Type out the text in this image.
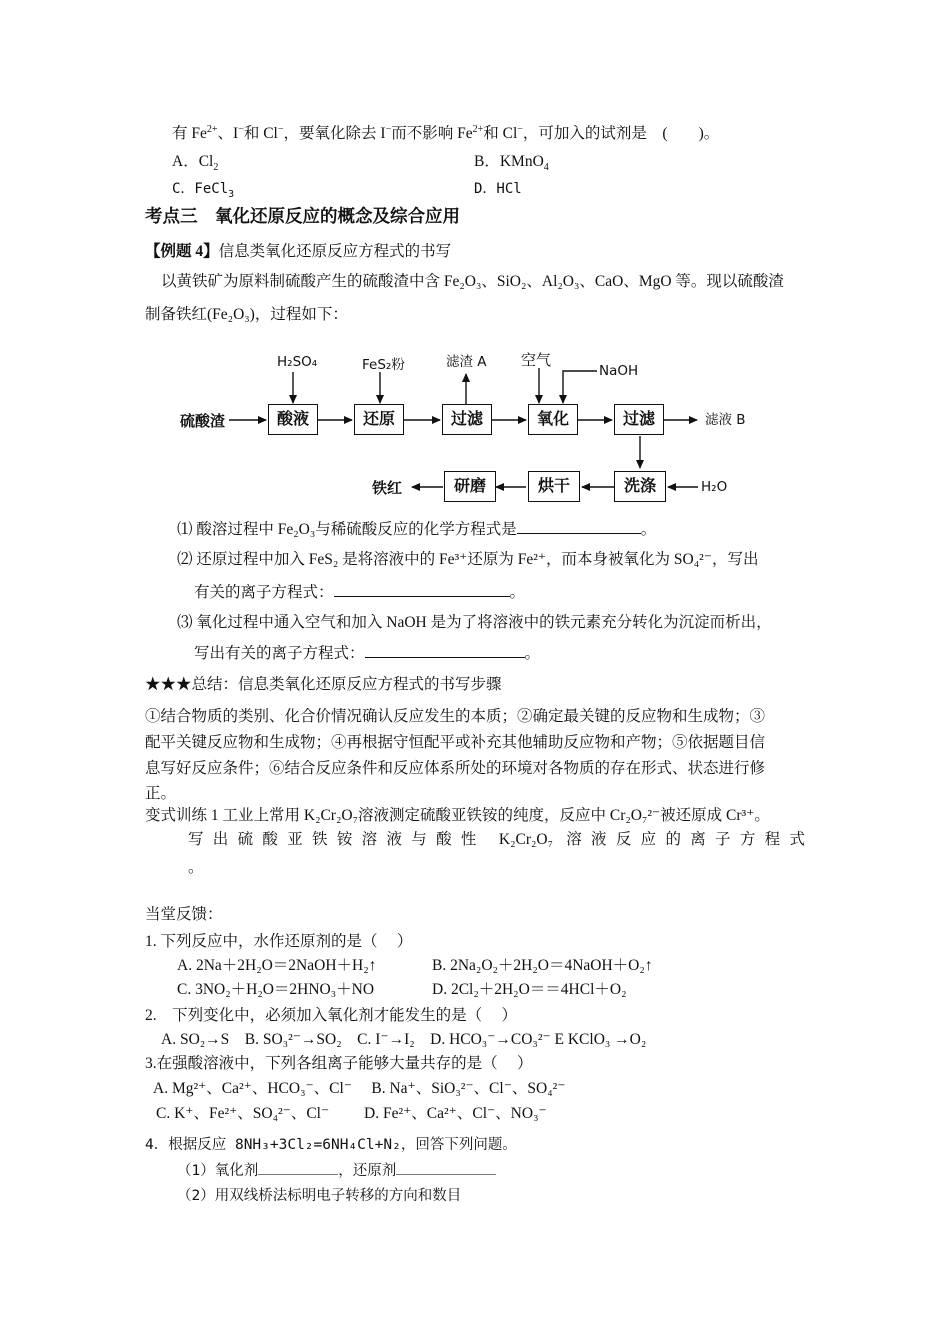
有 $Fe^{2+}$、I−和 Cl−，要氧化除去 I−而不影响 $Fe^{2+}$和 Cl−，可加入的试剂是　(　　)。
A．$Cl_2$	B．KMnO$_4$
C．FeCl$_3$	D．HCl
考点三　氧化还原反应的概念及综合应用
【例题 4】信息类氧化还原反应方程式的书写
以黄铁矿为原料制硫酸产生的硫酸渣中含 Fe₂O₃、SiO₂、Al₂O₃、CaO、MgO 等。现以硫酸渣
制备铁红(Fe₂O₃)，过程如下：
硫酸渣	酸液	还原	过滤	氧化	过滤
洗涤
烘干
研磨
铁红
H₂SO₄	FeS₂粉	滤渣 A 空气
NaOH
滤液 B
H₂O
⑴ 酸溶过程中 Fe₂O₃与稀硫酸反应的化学方程式是	。
⑵ 还原过程中加入 FeS₂ 是将溶液中的 Fe³⁺还原为 Fe²⁺，而本身被氧化为 SO₄²⁻，写出
有关的离子方程式：	。
⑶ 氧化过程中通入空气和加入 NaOH 是为了将溶液中的铁元素充分转化为沉淀而析出，
写出有关的离子方程式：	。
★★★总结：信息类氧化还原反应方程式的书写步骤
①结合物质的类别、化合价情况确认反应发生的本质；②确定最关键的反应物和生成物；③
配平关键反应物和生成物；④再根据守恒配平或补充其他辅助反应物和产物；⑤依据题目信
息写好反应条件；⑥结合反应条件和反应体系所处的环境对各物质的存在形式、状态进行修
正。
变式训练 1 工业上常用 K₂Cr₂O₇溶液测定硫酸亚铁铵的纯度，反应中 Cr₂O₇²⁻被还原成 Cr³⁺。
写出硫酸亚铁铵溶液与酸性 K₂Cr₂O₇ 溶液反应的离子方程式
。
当堂反馈：
1. 下列反应中，水作还原剂的是（　 ）
A. 2Na＋2H₂O＝2NaOH＋H₂↑	B. 2Na₂O₂＋2H₂O＝4NaOH＋O₂↑
C. 3NO₂＋H₂O＝2HNO₃＋NO	D. 2Cl₂＋2H₂O＝＝4HCl＋O₂
2.　下列变化中，必须加入氧化剂才能发生的是（　 ）
A. SO₂→S　B. SO₃²⁻→SO₂　C. I⁻→I₂　D. HCO₃⁻→CO₃²⁻ E KClO₃ →O₂
3.在强酸溶液中，下列各组离子能够大量共存的是（　 ）
A. Mg²⁺、Ca²⁺、HCO₃⁻、Cl⁻　 B. Na⁺、SiO₃²⁻、Cl⁻、SO₄²⁻
C. K⁺、Fe²⁺、SO₄²⁻、Cl⁻　　 D. Fe²⁺、Ca²⁺、Cl⁻、NO₃⁻
4．根据反应 8NH₃+3Cl₂=6NH₄Cl+N₂，回答下列问题。
（1）氧化剂	，还原剂
（2）用双线桥法标明电子转移的方向和数目
